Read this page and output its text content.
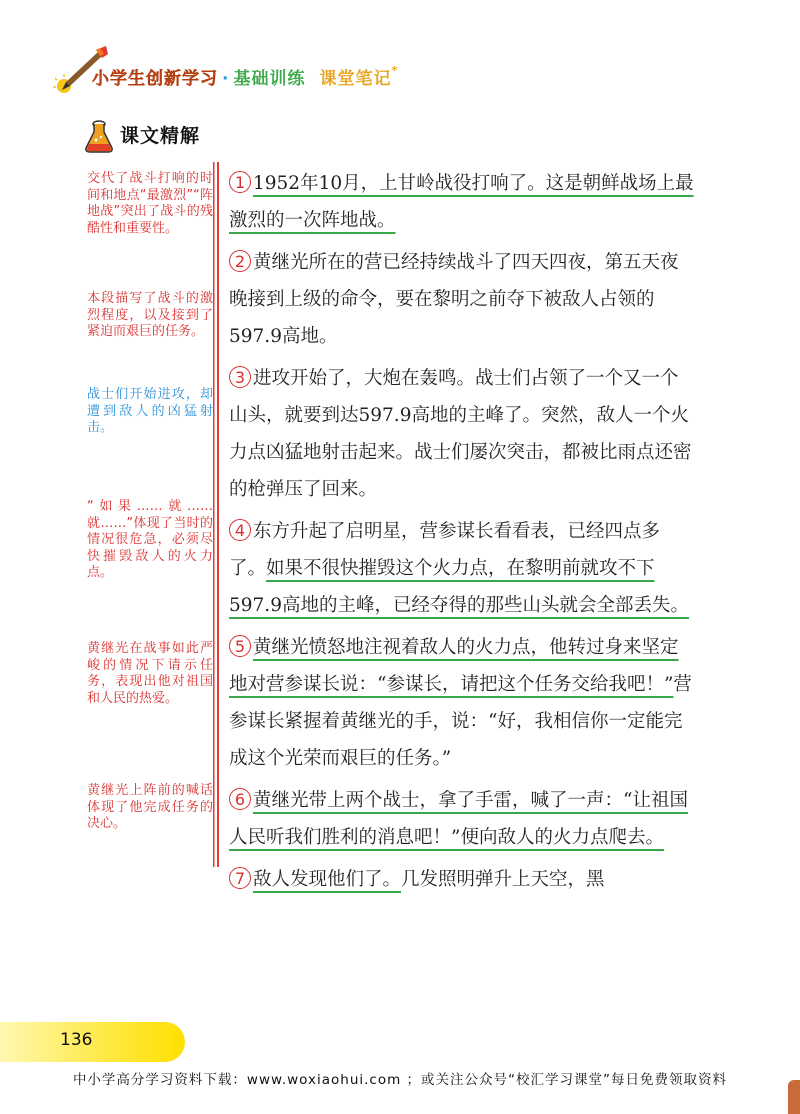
小学生创新学习 · 基础训练 课堂笔记*
课文精解
交代了战斗打响的时间和地点“最激烈”“阵地战”突出了战斗的残酷性和重要性。
本段描写了战斗的激烈程度，以及接到了紧迫而艰巨的任务。
战士们开始进攻，却遭到敌人的凶猛射击。
“如果……就……就……”体现了当时的情况很危急，必须尽快摧毁敌人的火力点。
黄继光在战事如此严峻的情况下请示任务，表现出他对祖国和人民的热爱。
黄继光上阵前的喊话体现了他完成任务的决心。

1 1952年10月，上甘岭战役打响了。这是朝鲜战场上最激烈的一次阵地战。

2 黄继光所在的营已经持续战斗了四天四夜，第五天夜晚接到上级的命令，要在黎明之前夺下被敌人占领的597.9高地。

3 进攻开始了，大炮在轰鸣。战士们占领了一个又一个山头，就要到达597.9高地的主峰了。突然，敌人一个火力点凶猛地射击起来。战士们屡次突击，都被比雨点还密的枪弹压了回来。

4 东方升起了启明星，营参谋长看看表，已经四点多了。如果不很快摧毁这个火力点，在黎明前就攻不下597.9高地的主峰，已经夺得的那些山头就会全部丢失。

5 黄继光愤怒地注视着敌人的火力点，他转过身来坚定地对营参谋长说：“参谋长，请把这个任务交给我吧！”营参谋长紧握着黄继光的手，说：“好，我相信你一定能完成这个光荣而艰巨的任务。”

6 黄继光带上两个战士，拿了手雷，喊了一声：“让祖国人民听我们胜利的消息吧！”便向敌人的火力点爬去。

7 敌人发现他们了。几发照明弹升上天空，黑

136
中小学高分学习资料下载：www.woxiaohui.com ；或关注公众号“校汇学习课堂”每日免费领取资料
